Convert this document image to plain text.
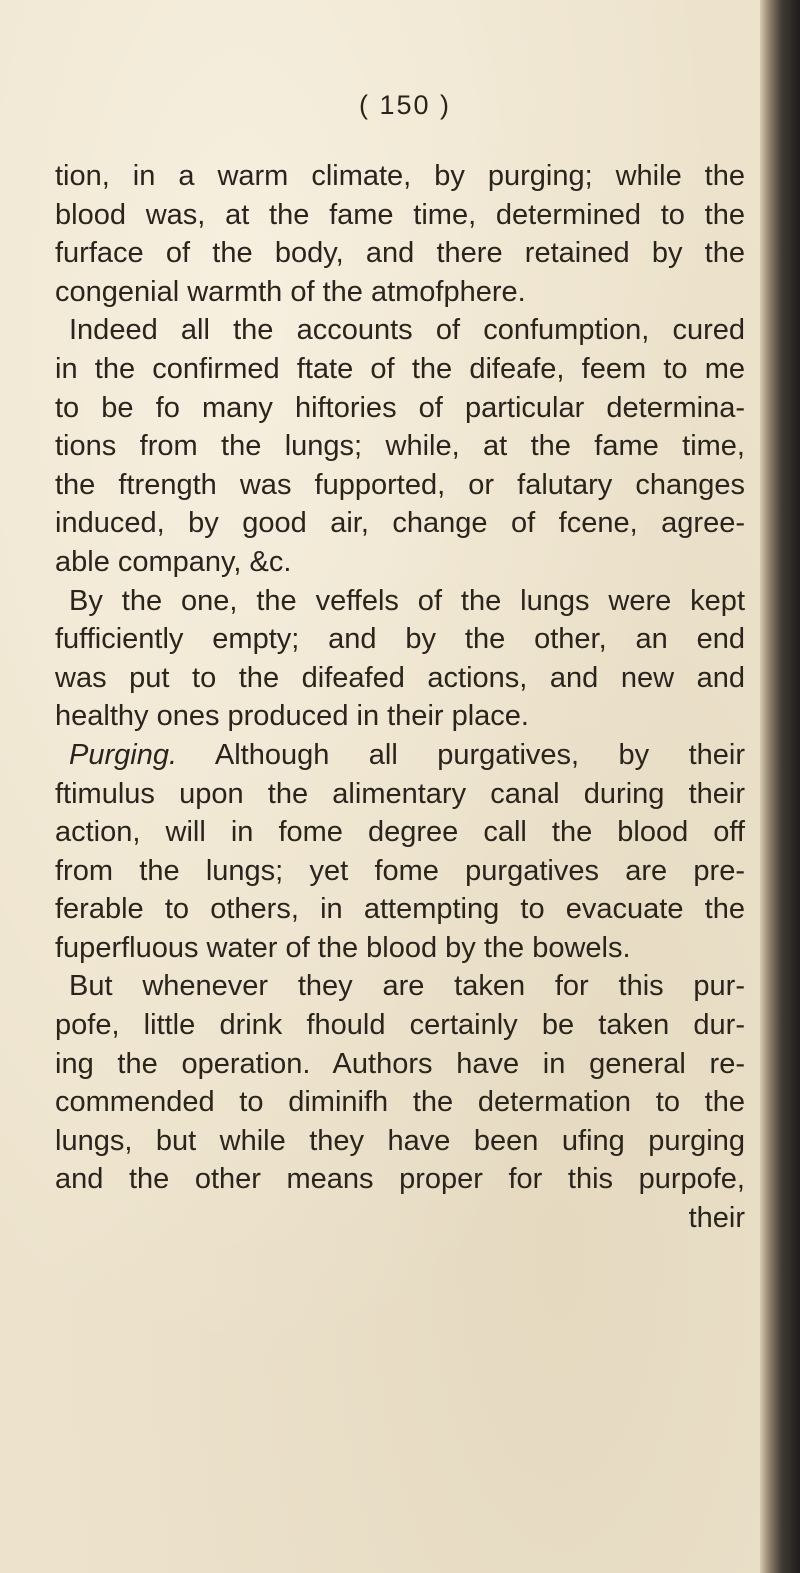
( 150 )
tion, in a warm climate, by purging; while the
blood was, at the fame time, determined to the
furface of the body, and there retained by the
congenial warmth of the atmofphere.
Indeed all the accounts of confumption, cured
in the confirmed ftate of the difeafe, feem to me
to be fo many hiftories of particular determina-
tions from the lungs; while, at the fame time,
the ftrength was fupported, or falutary changes
induced, by good air, change of fcene, agree-
able company, &c.
By the one, the veffels of the lungs were kept
fufficiently empty; and by the other, an end
was put to the difeafed actions, and new and
healthy ones produced in their place.
Purging. Although all purgatives, by their
ftimulus upon the alimentary canal during their
action, will in fome degree call the blood off
from the lungs; yet fome purgatives are pre-
ferable to others, in attempting to evacuate the
fuperfluous water of the blood by the bowels.
But whenever they are taken for this pur-
pofe, little drink fhould certainly be taken dur-
ing the operation. Authors have in general re-
commended to diminifh the determation to the
lungs, but while they have been ufing purging
and the other means proper for this purpofe,
their
